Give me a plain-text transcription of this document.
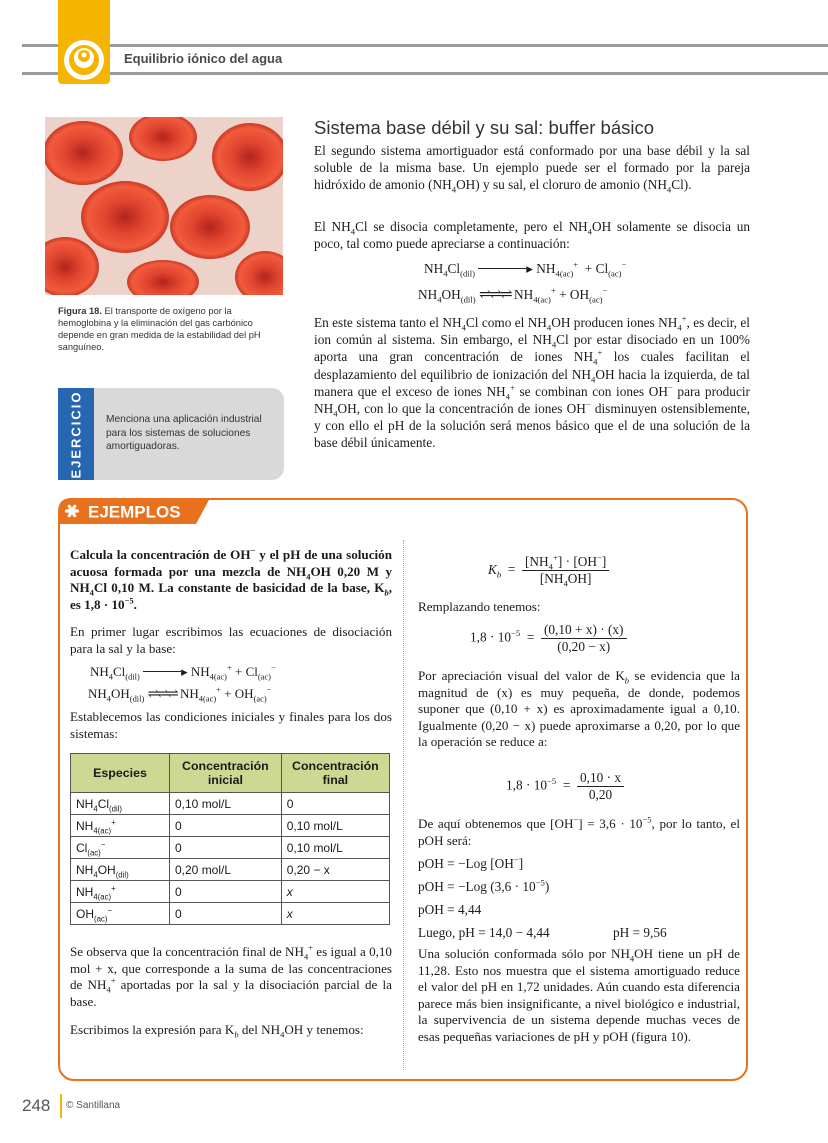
Equilibrio iónico del agua
Figura 18. El transporte de oxígeno por la hemoglobina y la eliminación del gas carbónico depende en gran medida de la estabilidad del pH sanguíneo.
EJERCICIO Menciona una aplicación industrial para los sistemas de soluciones amortiguadoras.
Sistema base débil y su sal: buffer básico
El segundo sistema amortiguador está conformado por una base débil y la sal soluble de la misma base. Un ejemplo puede ser el formado por la pareja hidróxido de amonio $(NH_4OH)$ y su sal, el cloruro de amonio $(NH_4Cl)$.
El $NH_4Cl$ se disocia completamente, pero el $NH_4OH$ solamente se disocia un poco, tal como puede apreciarse a continuación:
$NH_4Cl_{(dil)}$	▸ $NH_{4(ac)}^+ + Cl_{(ac)}^-$
$NH_4OH_{(dil)}$ ⇌⇌⇌ $NH_{4(ac)}^+ + OH_{(ac)}^-$
En este sistema tanto el $NH_4Cl$ como el $NH_4OH$ producen iones $NH_4^+$, es decir, el ion común al sistema. Sin embargo, el $NH_4Cl$ por estar disociado en un 100% aporta una gran concentración de iones $NH_4^+$ los cuales facilitan el desplazamiento del equilibrio de ionización del $NH_4OH$ hacia la izquierda, de tal manera que el exceso de iones $NH_4^+$ se combinan con iones OH− para producir $NH_4OH$, con lo que la concentración de iones OH− disminuyen ostensiblemente, y con ello el pH de la solución será menos básico que el de una solución de la base débil únicamente.
EJEMPLOS
Calcula la concentración de OH− y el pH de una solución acuosa formada por una mezcla de $NH_4OH$ 0,20 M y $NH_4Cl$ 0,10 M. La constante de basicidad de la base, $K_b$, es $1,8 \cdot 10^{-5}$.
En primer lugar escribimos las ecuaciones de disociación para la sal y la base:
$NH_4Cl_{(dil)}$	▸ $NH_{4(ac)}^+ + Cl_{(ac)}^-$
$NH_4OH_{(dil)}$ ⇌⇌⇌ $NH_{4(ac)}^+ + OH_{(ac)}^-$
Establecemos las condiciones iniciales y finales para los dos sistemas:
Especies	Concentración inicial	Concentración final
$NH_4Cl_{(dil)}$	0,10 mol/L	0
$NH_{4(ac)}^+$	0	0,10 mol/L
$Cl_{(ac)}^-$	0	0,10 mol/L
$NH_4OH_{(dil)}$	0,20 mol/L	0,20 − x
$NH_{4(ac)}^+$	0	x
$OH_{(ac)}^-$	0	x
Se observa que la concentración final de $NH_4^+$ es igual a 0,10 mol + x, que corresponde a la suma de las concentraciones de $NH_4^+$ aportadas por la sal y la disociación parcial de la base.
Escribimos la expresión para $K_b$ del $NH_4OH$ y tenemos:
$K_b = \frac{[NH_4^+] \cdot [OH^-]}{[NH_4OH]}$
Remplazando tenemos:
$1,8 \cdot 10^{-5} = \frac{(0,10 + x) \cdot (x)}{(0,20 - x)}$
Por apreciación visual del valor de $K_b$ se evidencia que la magnitud de (x) es muy pequeña, de donde, podemos suponer que (0,10 + x) es aproximadamente igual a 0,10. Igualmente (0,20 − x) puede aproximarse a 0,20, por lo que la operación se reduce a:
$1,8 \cdot 10^{-5} = \frac{0,10 \cdot x}{0,20}$
De aquí obtenemos que $[OH^-] = 3,6 \cdot 10^{-5}$, por lo tanto, el pOH será:
pOH = −Log [OH−]
pOH = −Log $(3,6 \cdot 10^{-5})$
pOH = 4,44
Luego, pH = 14,0 − 4,44	pH = 9,56
Una solución conformada sólo por $NH_4OH$ tiene un pH de 11,28. Esto nos muestra que el sistema amortiguado reduce el valor del pH en 1,72 unidades. Aún cuando esta diferencia parece más bien insignificante, a nivel biológico e industrial, la supervivencia de un sistema depende muchas veces de esas pequeñas variaciones de pH y pOH (figura 10).
248 © Santillana
